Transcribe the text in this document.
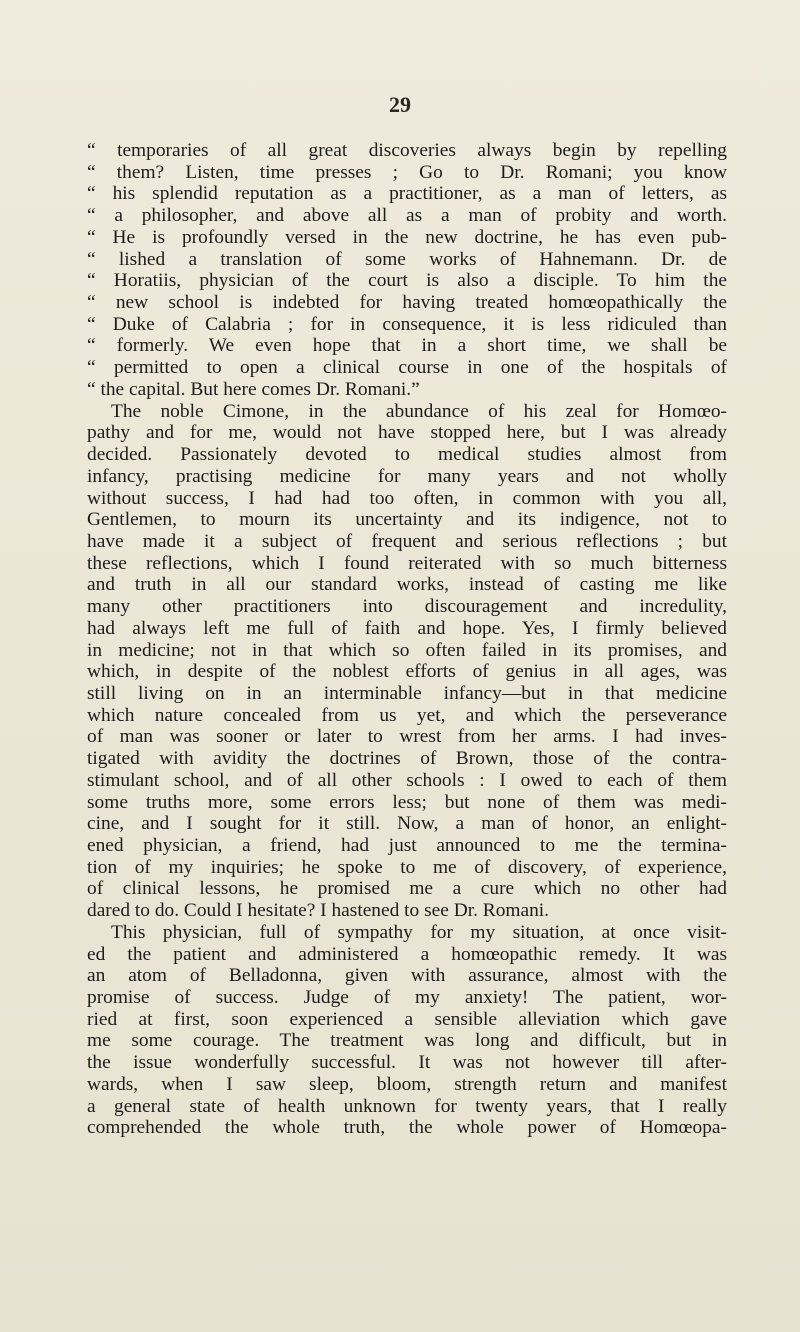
29
“ temporaries of all great discoveries always begin by repelling
“ them? Listen, time presses ; Go to Dr. Romani; you know
“ his splendid reputation as a practitioner, as a man of letters, as
“ a philosopher, and above all as a man of probity and worth.
“ He is profoundly versed in the new doctrine, he has even pub-
“ lished a translation of some works of Hahnemann. Dr. de
“ Horatiis, physician of the court is also a disciple. To him the
“ new school is indebted for having treated homœopathically the
“ Duke of Calabria ; for in consequence, it is less ridiculed than
“ formerly. We even hope that in a short time, we shall be
“ permitted to open a clinical course in one of the hospitals of
“ the capital. But here comes Dr. Romani.”
The noble Cimone, in the abundance of his zeal for Homœo-
pathy and for me, would not have stopped here, but I was already
decided. Passionately devoted to medical studies almost from
infancy, practising medicine for many years and not wholly
without success, I had had too often, in common with you all,
Gentlemen, to mourn its uncertainty and its indigence, not to
have made it a subject of frequent and serious reflections ; but
these reflections, which I found reiterated with so much bitterness
and truth in all our standard works, instead of casting me like
many other practitioners into discouragement and incredulity,
had always left me full of faith and hope. Yes, I firmly believed
in medicine; not in that which so often failed in its promises, and
which, in despite of the noblest efforts of genius in all ages, was
still living on in an interminable infancy—but in that medicine
which nature concealed from us yet, and which the perseverance
of man was sooner or later to wrest from her arms. I had inves-
tigated with avidity the doctrines of Brown, those of the contra-
stimulant school, and of all other schools : I owed to each of them
some truths more, some errors less; but none of them was medi-
cine, and I sought for it still. Now, a man of honor, an enlight-
ened physician, a friend, had just announced to me the termina-
tion of my inquiries; he spoke to me of discovery, of experience,
of clinical lessons, he promised me a cure which no other had
dared to do. Could I hesitate? I hastened to see Dr. Romani.
This physician, full of sympathy for my situation, at once visit-
ed the patient and administered a homœopathic remedy. It was
an atom of Belladonna, given with assurance, almost with the
promise of success. Judge of my anxiety! The patient, wor-
ried at first, soon experienced a sensible alleviation which gave
me some courage. The treatment was long and difficult, but in
the issue wonderfully successful. It was not however till after-
wards, when I saw sleep, bloom, strength return and manifest
a general state of health unknown for twenty years, that I really
comprehended the whole truth, the whole power of Homœopa-
